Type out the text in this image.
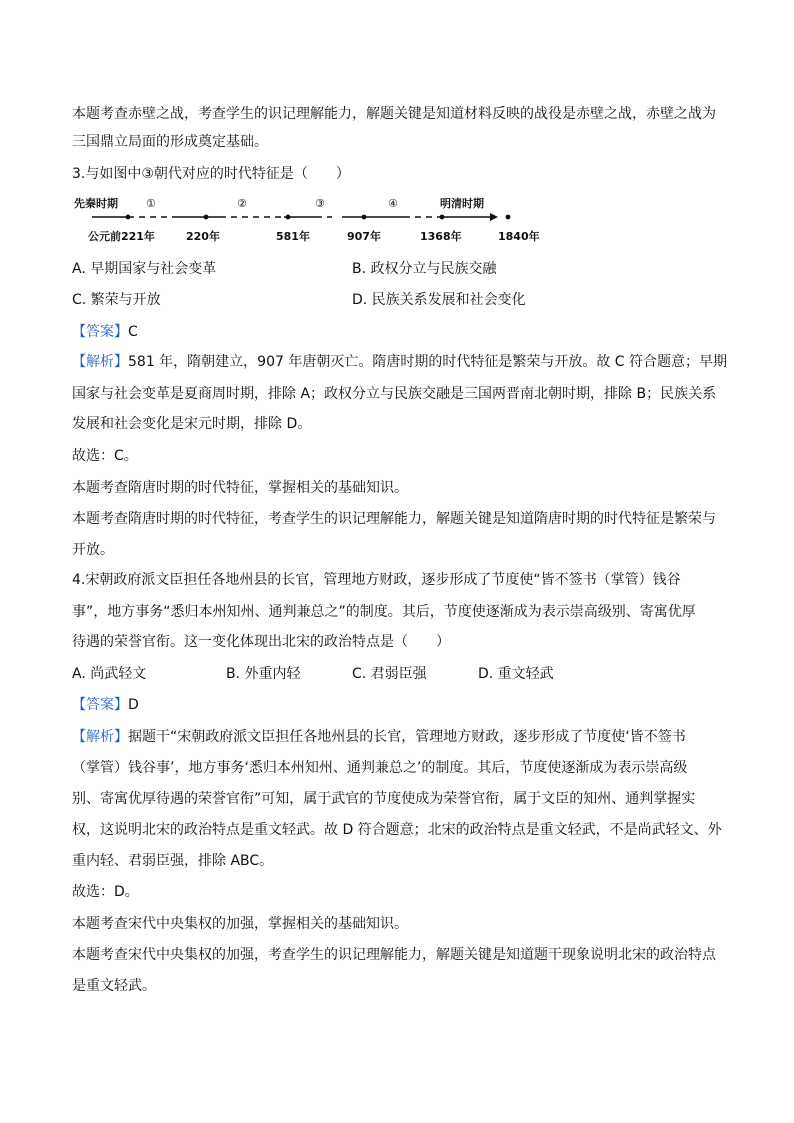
本题考查赤壁之战，考查学生的识记理解能力，解题关键是知道材料反映的战役是赤壁之战，赤壁之战为
三国鼎立局面的形成奠定基础。
3.与如图中③朝代对应的时代特征是（　　）
先秦时期	①	②	③	④	明清时期
公元前221年	220年	581年	907年	1368年	1840年
A. 早期国家与社会变革	B. 政权分立与民族交融
C. 繁荣与开放	D. 民族关系发展和社会变化
【答案】C
【解析】581 年，隋朝建立，907 年唐朝灭亡。隋唐时期的时代特征是繁荣与开放。故 C 符合题意；早期
国家与社会变革是夏商周时期，排除 A；政权分立与民族交融是三国两晋南北朝时期，排除 B；民族关系
发展和社会变化是宋元时期，排除 D。
故选：C。
本题考查隋唐时期的时代特征，掌握相关的基础知识。
本题考查隋唐时期的时代特征，考查学生的识记理解能力，解题关键是知道隋唐时期的时代特征是繁荣与
开放。
4.宋朝政府派文臣担任各地州县的长官，管理地方财政，逐步形成了节度使“皆不签书（掌管）钱谷
事”，地方事务“悉归本州知州、通判兼总之”的制度。其后，节度使逐渐成为表示崇高级别、寄寓优厚
待遇的荣誉官衔。这一变化体现出北宋的政治特点是（　　）
A. 尚武轻文	B. 外重内轻	C. 君弱臣强	D. 重文轻武
【答案】D
【解析】据题干“宋朝政府派文臣担任各地州县的长官，管理地方财政，逐步形成了节度使‘皆不签书
（掌管）钱谷事’，地方事务‘悉归本州知州、通判兼总之’的制度。其后，节度使逐渐成为表示崇高级
别、寄寓优厚待遇的荣誉官衔”可知，属于武官的节度使成为荣誉官衔，属于文臣的知州、通判掌握实
权，这说明北宋的政治特点是重文轻武。故 D 符合题意；北宋的政治特点是重文轻武，不是尚武轻文、外
重内轻、君弱臣强，排除 ABC。
故选：D。
本题考查宋代中央集权的加强，掌握相关的基础知识。
本题考查宋代中央集权的加强，考查学生的识记理解能力，解题关键是知道题干现象说明北宋的政治特点
是重文轻武。
